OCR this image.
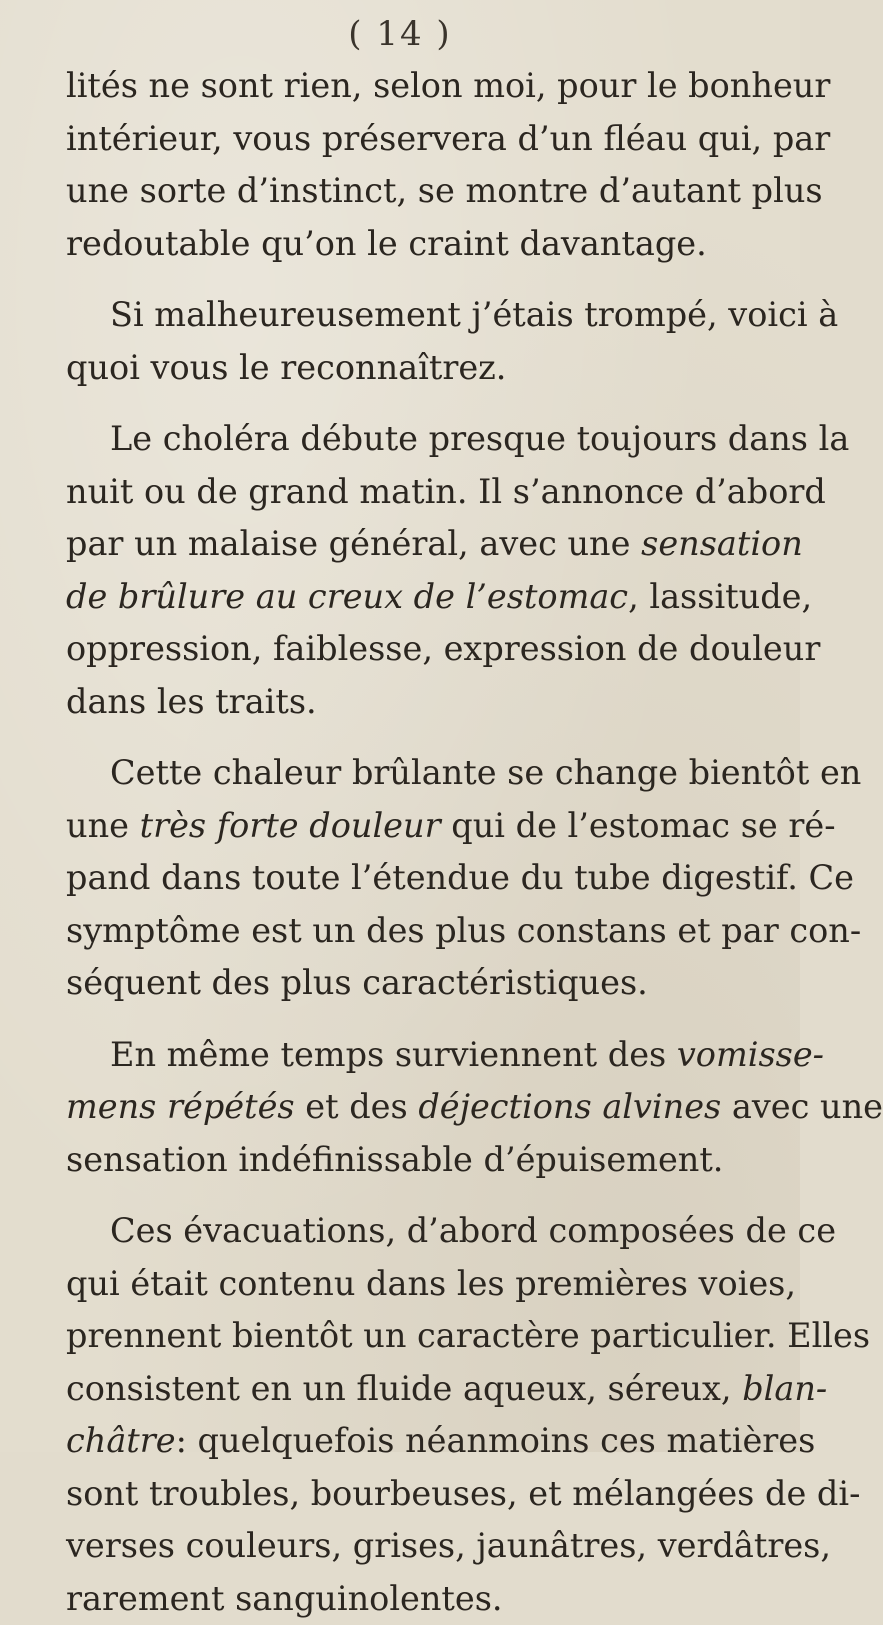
( 14 )
lités ne sont rien, selon moi, pour le bonheur
intérieur, vous préservera d’un fléau qui, par
une sorte d’instinct, se montre d’autant plus
redoutable qu’on le craint davantage.
Si malheureusement j’étais trompé, voici à
quoi vous le reconnaîtrez.
Le choléra débute presque toujours dans la
nuit ou de grand matin. Il s’annonce d’abord
par un malaise général, avec une sensation
de brûlure au creux de l’estomac, lassitude,
oppression, faiblesse, expression de douleur
dans les traits.
Cette chaleur brûlante se change bientôt en
une très forte douleur qui de l’estomac se ré-
pand dans toute l’étendue du tube digestif. Ce
symptôme est un des plus constans et par con-
séquent des plus caractéristiques.
En même temps surviennent des vomisse-
mens répétés et des déjections alvines avec une
sensation indéfinissable d’épuisement.
Ces évacuations, d’abord composées de ce
qui était contenu dans les premières voies,
prennent bientôt un caractère particulier. Elles
consistent en un fluide aqueux, séreux, blan-
châtre: quelquefois néanmoins ces matières
sont troubles, bourbeuses, et mélangées de di-
verses couleurs, grises, jaunâtres, verdâtres,
rarement sanguinolentes.
